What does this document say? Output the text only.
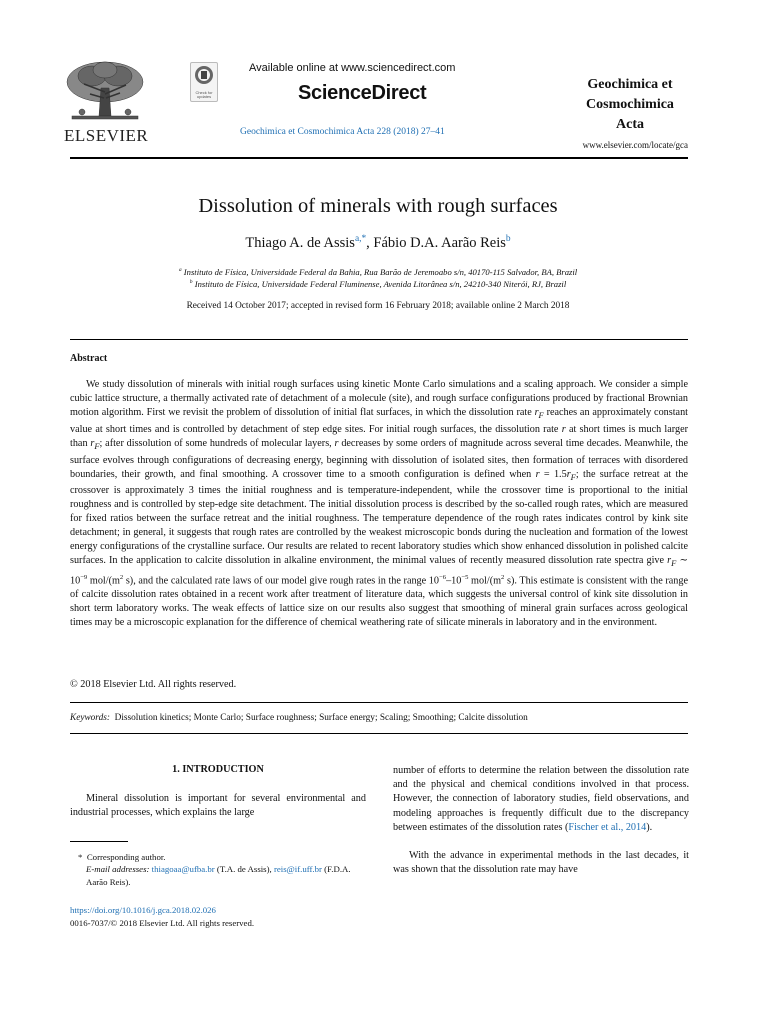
ELSEVIER
Check for updates
Available online at www.sciencedirect.com
ScienceDirect
Geochimica et Cosmochimica Acta 228 (2018) 27–41
Geochimica et
Cosmochimica
Acta
www.elsevier.com/locate/gca
Dissolution of minerals with rough surfaces
Thiago A. de Assis$^{a,*}$, Fábio D.A. Aarão Reis$^b$
$^a$ Instituto de Física, Universidade Federal da Bahia, Rua Barão de Jeremoabo s/n, 40170-115 Salvador, BA, Brazil
$^b$ Instituto de Física, Universidade Federal Fluminense, Avenida Litorânea s/n, 24210-340 Niterói, RJ, Brazil
Received 14 October 2017; accepted in revised form 16 February 2018; available online 2 March 2018
Abstract
We study dissolution of minerals with initial rough surfaces using kinetic Monte Carlo simulations and a scaling approach. We consider a simple cubic lattice structure, a thermally activated rate of detachment of a molecule (site), and rough surface configurations produced by fractional Brownian motion algorithm. First we revisit the problem of dissolution of initial flat surfaces, in which the dissolution rate $r_F$ reaches an approximately constant value at short times and is controlled by detachment of step edge sites. For initial rough surfaces, the dissolution rate r at short times is much larger than $r_F$; after dissolution of some hundreds of molecular layers, r decreases by some orders of magnitude across several time decades. Meanwhile, the surface evolves through configurations of decreasing energy, beginning with dissolution of isolated sites, then formation of terraces with disordered boundaries, their growth, and final smoothing. A crossover time to a smooth configuration is defined when $r = 1.5r_F$; the surface retreat at the crossover is approximately 3 times the initial roughness and is temperature-independent, while the crossover time is proportional to the initial roughness and is controlled by step-edge site detachment. The initial dissolution process is described by the so-called rough rates, which are measured for fixed ratios between the surface retreat and the initial roughness. The temperature dependence of the rough rates indicates control by kink site detachment; in general, it suggests that rough rates are controlled by the weakest microscopic bonds during the nucleation and formation of the lowest energy configurations of the crystalline surface. Our results are related to recent laboratory studies which show enhanced dissolution in polished calcite surfaces. In the application to calcite dissolution in alkaline environment, the minimal values of recently measured dissolution rate spectra give $r_F$ ∼ $10^{-9}$ mol/($m^2$ s), and the calculated rate laws of our model give rough rates in the range $10^{-6}-10^{-5}$ mol/($m^2$ s). This estimate is consistent with the range of calcite dissolution rates obtained in a recent work after treatment of literature data, which suggests the universal control of kink site dissolution in short term laboratory works. The weak effects of lattice size on our results also suggest that smoothing of mineral grain surfaces across geological times may be a microscopic explanation for the difference of chemical weathering rate of silicate minerals in laboratory and in the environment.
© 2018 Elsevier Ltd. All rights reserved.
Keywords: Dissolution kinetics; Monte Carlo; Surface roughness; Surface energy; Scaling; Smoothing; Calcite dissolution
1. INTRODUCTION
Mineral dissolution is important for several environmental and industrial processes, which explains the large
number of efforts to determine the relation between the dissolution rate and the physical and chemical conditions involved in that process. However, the connection of laboratory studies, field observations, and modeling approaches is frequently difficult due to the discrepancy between estimates of the dissolution rates (Fischer et al., 2014).
With the advance in experimental methods in the last decades, it was shown that the dissolution rate may have
* Corresponding author.
E-mail addresses: thiagoaa@ufba.br (T.A. de Assis), reis@if.uff.br (F.D.A. Aarão Reis).
https://doi.org/10.1016/j.gca.2018.02.026
0016-7037/© 2018 Elsevier Ltd. All rights reserved.
